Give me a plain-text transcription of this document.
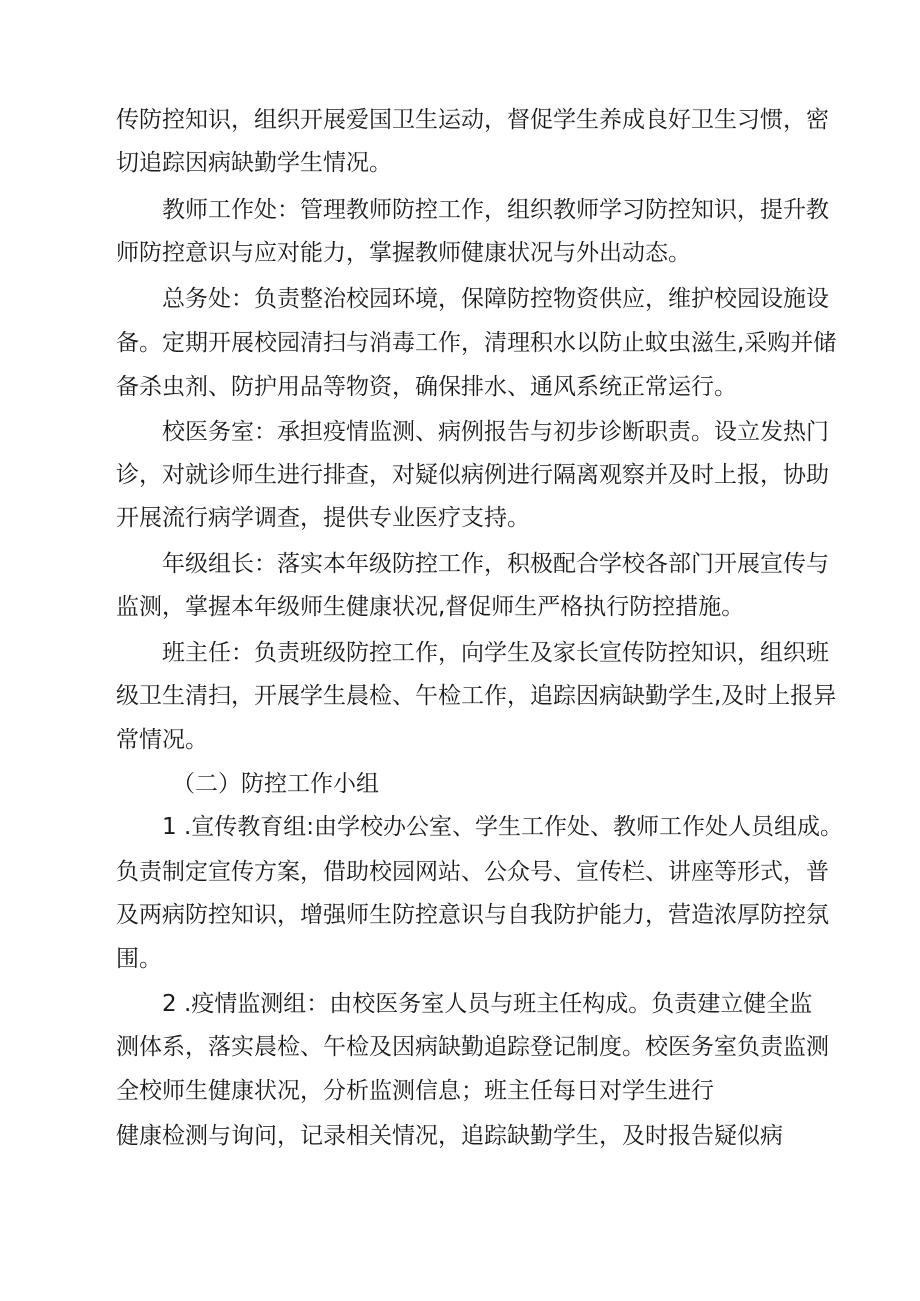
传防控知识，组织开展爱国卫生运动，督促学生养成良好卫生习惯，密
切追踪因病缺勤学生情况。
教师工作处：管理教师防控工作，组织教师学习防控知识，提升教
师防控意识与应对能力，掌握教师健康状况与外出动态。
总务处：负责整治校园环境，保障防控物资供应，维护校园设施设
备。定期开展校园清扫与消毒工作，清理积水以防止蚊虫滋生,采购并储
备杀虫剂、防护用品等物资，确保排水、通风系统正常运行。
校医务室：承担疫情监测、病例报告与初步诊断职责。设立发热门
诊，对就诊师生进行排查，对疑似病例进行隔离观察并及时上报，协助
开展流行病学调查，提供专业医疗支持。
年级组长：落实本年级防控工作，积极配合学校各部门开展宣传与
监测，掌握本年级师生健康状况,督促师生严格执行防控措施。
班主任：负责班级防控工作，向学生及家长宣传防控知识，组织班
级卫生清扫，开展学生晨检、午检工作，追踪因病缺勤学生,及时上报异
常情况。
（二）防控工作小组
1 .宣传教育组:由学校办公室、学生工作处、教师工作处人员组成。
负责制定宣传方案，借助校园网站、公众号、宣传栏、讲座等形式，普
及两病防控知识，增强师生防控意识与自我防护能力，营造浓厚防控氛
围。
2 .疫情监测组：由校医务室人员与班主任构成。负责建立健全监
测体系，落实晨检、午检及因病缺勤追踪登记制度。校医务室负责监测
全校师生健康状况，分析监测信息；班主任每日对学生进行
健康检测与询问，记录相关情况，追踪缺勤学生，及时报告疑似病
